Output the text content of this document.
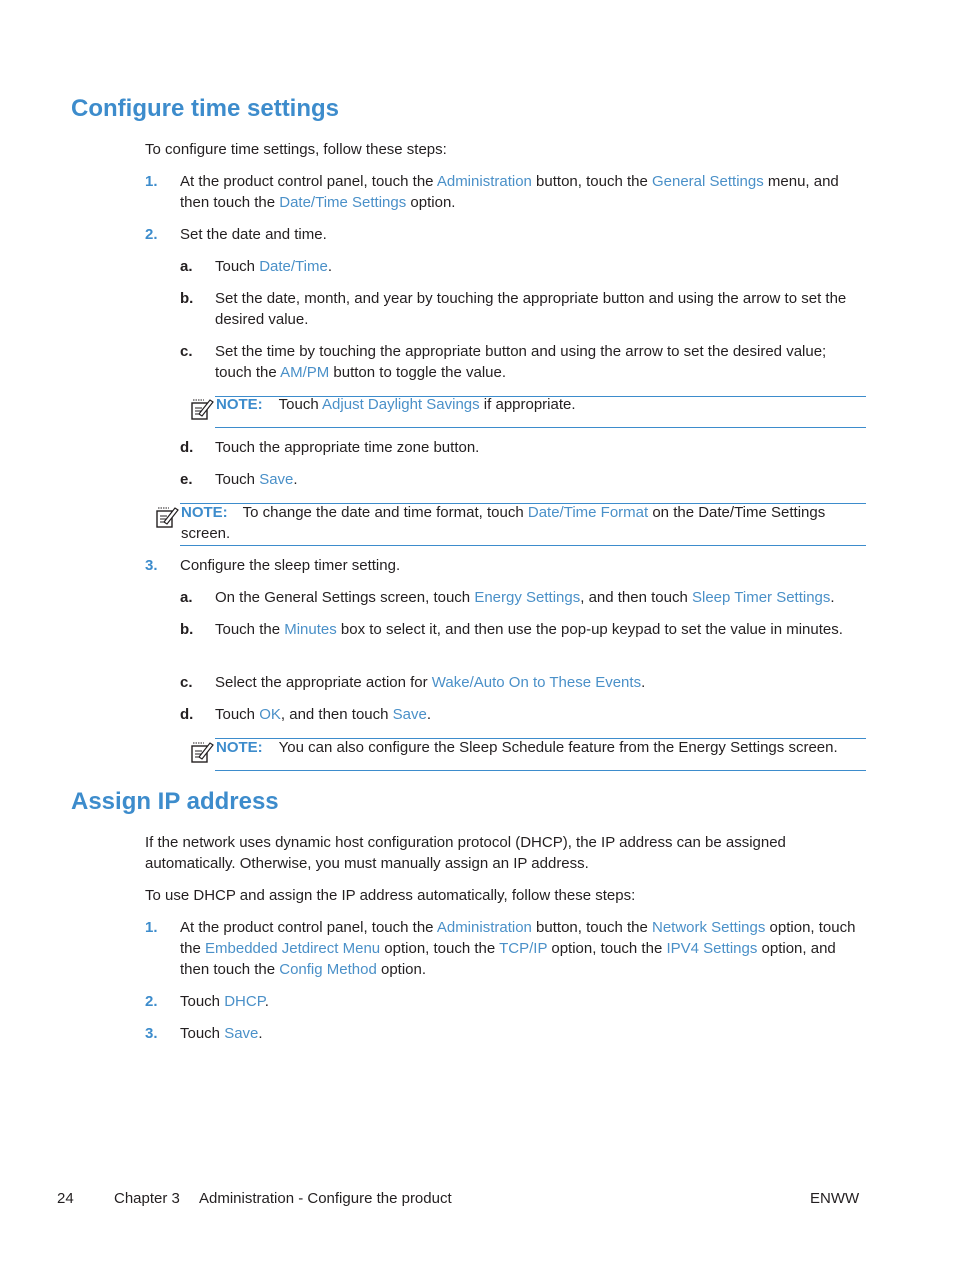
Configure time settings
To configure time settings, follow these steps:
1. At the product control panel, touch the Administration button, touch the General Settings menu, and then touch the Date/Time Settings option.
2. Set the date and time.
a. Touch Date/Time.
b. Set the date, month, and year by touching the appropriate button and using the arrow to set the desired value.
c. Set the time by touching the appropriate button and using the arrow to set the desired value; touch the AM/PM button to toggle the value.
NOTE: Touch Adjust Daylight Savings if appropriate.
d. Touch the appropriate time zone button.
e. Touch Save.
NOTE: To change the date and time format, touch Date/Time Format on the Date/Time Settings screen.
3. Configure the sleep timer setting.
a. On the General Settings screen, touch Energy Settings, and then touch Sleep Timer Settings.
b. Touch the Minutes box to select it, and then use the pop-up keypad to set the value in minutes.
c. Select the appropriate action for Wake/Auto On to These Events.
d. Touch OK, and then touch Save.
NOTE: You can also configure the Sleep Schedule feature from the Energy Settings screen.
Assign IP address
If the network uses dynamic host configuration protocol (DHCP), the IP address can be assigned automatically. Otherwise, you must manually assign an IP address.
To use DHCP and assign the IP address automatically, follow these steps:
1. At the product control panel, touch the Administration button, touch the Network Settings option, touch the Embedded Jetdirect Menu option, touch the TCP/IP option, touch the IPV4 Settings option, and then touch the Config Method option.
2. Touch DHCP.
3. Touch Save.
24	Chapter 3 Administration - Configure the product	ENWW
